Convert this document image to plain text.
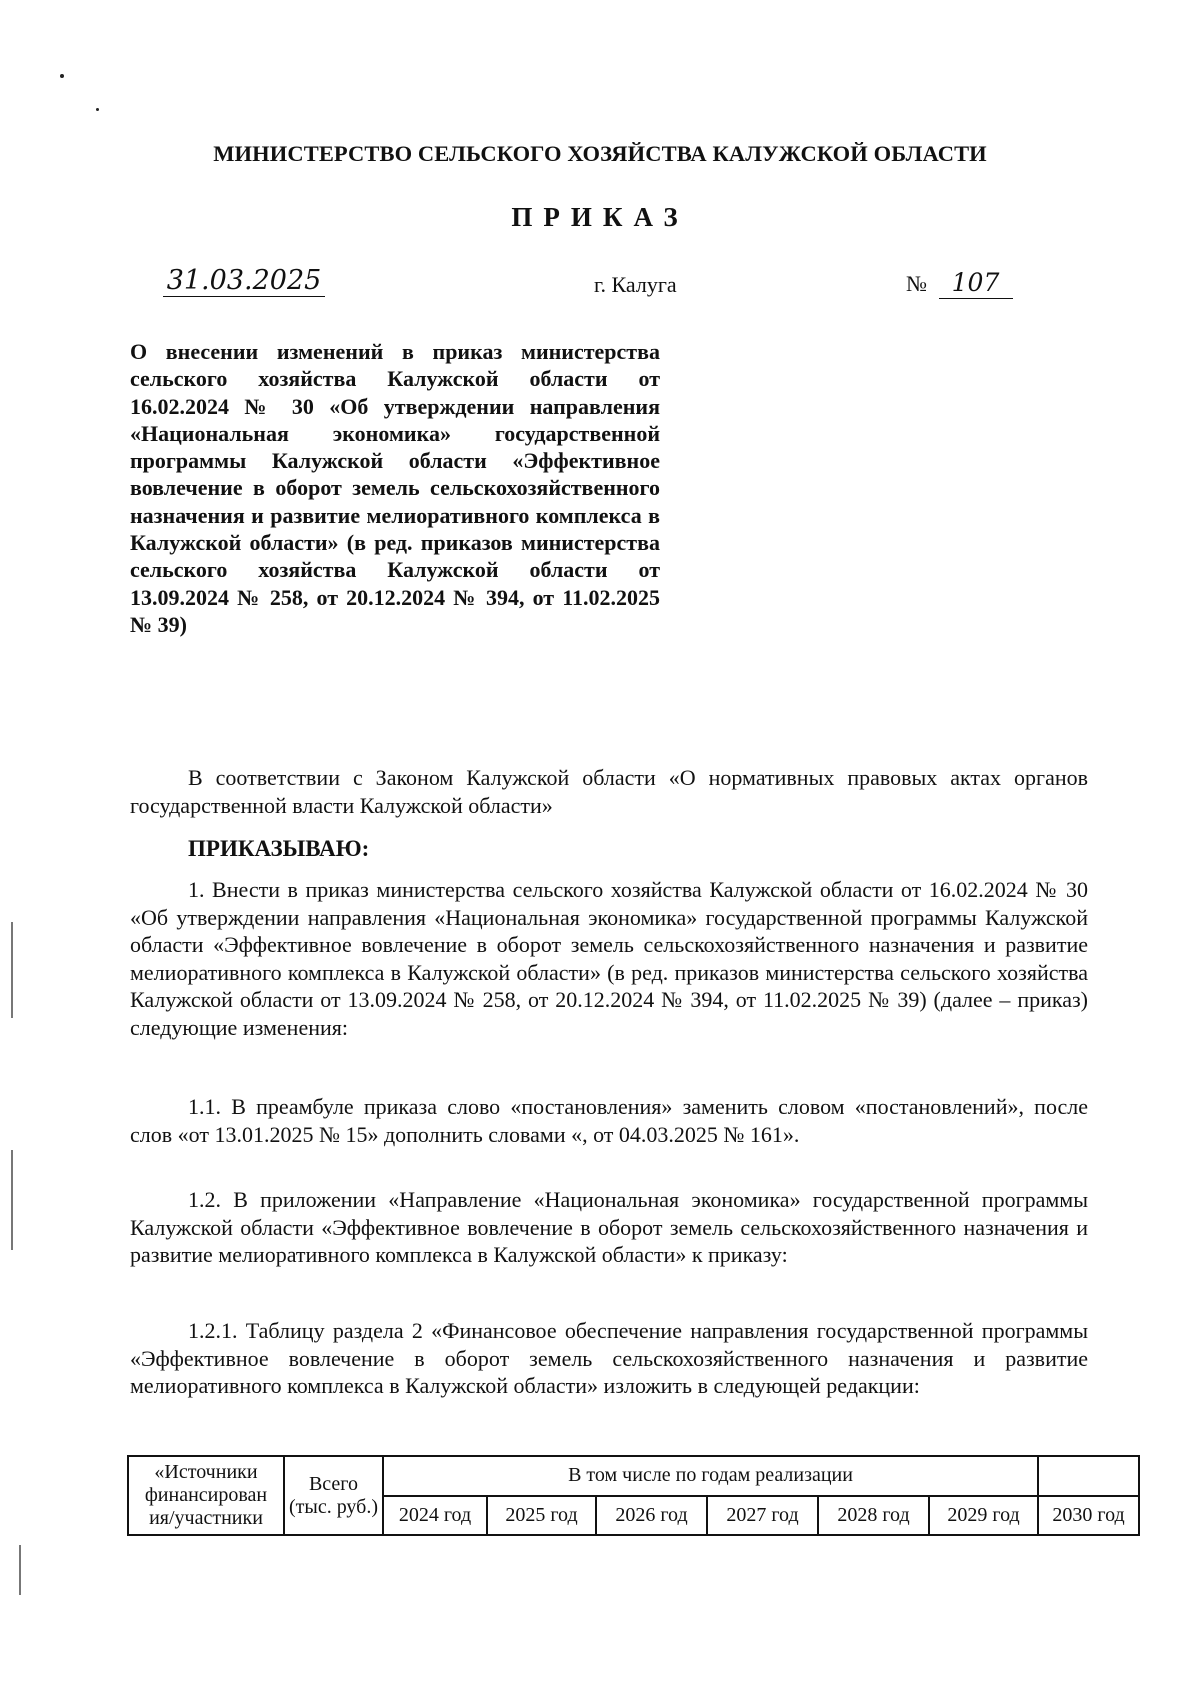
МИНИСТЕРСТВО СЕЛЬСКОГО ХОЗЯЙСТВА КАЛУЖСКОЙ ОБЛАСТИ
ПРИКАЗ
31.03.2025	г. Калуга	№ 107
О внесении изменений в приказ министерства сельского хозяйства Калужской области от 16.02.2024 № 30 «Об утверждении направления «Национальная экономика» государственной программы Калужской области «Эффективное вовлечение в оборот земель сельскохозяйственного назначения и развитие мелиоративного комплекса в Калужской области» (в ред. приказов министерства сельского хозяйства Калужской области от 13.09.2024 № 258, от 20.12.2024 № 394, от 11.02.2025 № 39)
В соответствии с Законом Калужской области «О нормативных правовых актах органов государственной власти Калужской области»
ПРИКАЗЫВАЮ:
1. Внести в приказ министерства сельского хозяйства Калужской области от 16.02.2024 № 30 «Об утверждении направления «Национальная экономика» государственной программы Калужской области «Эффективное вовлечение в оборот земель сельскохозяйственного назначения и развитие мелиоративного комплекса в Калужской области» (в ред. приказов министерства сельского хозяйства Калужской области от 13.09.2024 № 258, от 20.12.2024 № 394, от 11.02.2025 № 39) (далее – приказ) следующие изменения:
1.1. В преамбуле приказа слово «постановления» заменить словом «постановлений», после слов «от 13.01.2025 № 15» дополнить словами «, от 04.03.2025 № 161».
1.2. В приложении «Направление «Национальная экономика» государственной программы Калужской области «Эффективное вовлечение в оборот земель сельскохозяйственного назначения и развитие мелиоративного комплекса в Калужской области» к приказу:
1.2.1. Таблицу раздела 2 «Финансовое обеспечение направления государственной программы «Эффективное вовлечение в оборот земель сельскохозяйственного назначения и развитие мелиоративного комплекса в Калужской области» изложить в следующей редакции:
«Источники финансирован ия/участники	Всего (тыс. руб.)	В том числе по годам реализации						
		2024 год	2025 год	2026 год	2027 год	2028 год	2029 год	2030 год
